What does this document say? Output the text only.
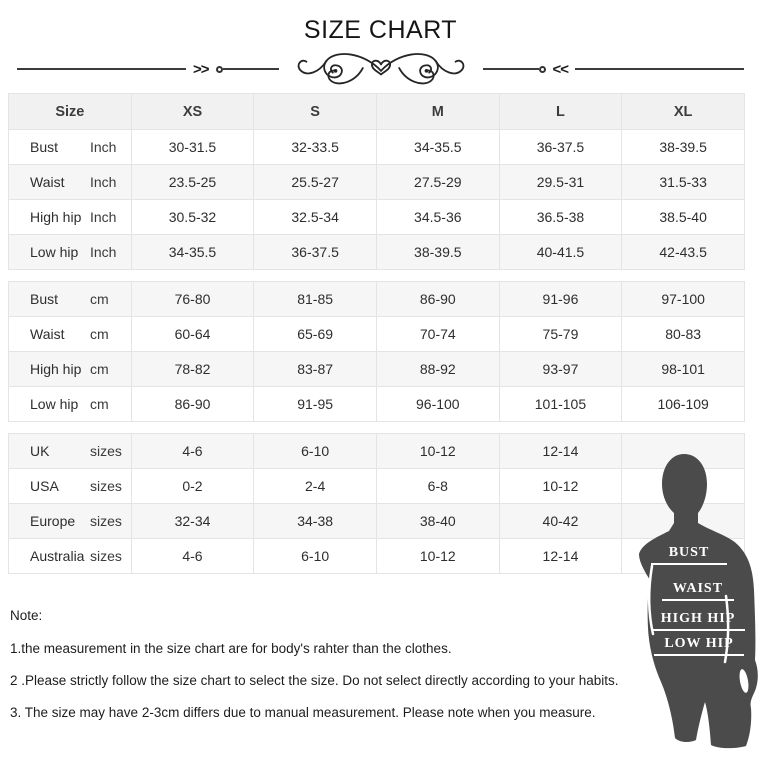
SIZE CHART
>>	<<
Size	XS	S	M	L	XL

Bust Inch	30-31.5	32-33.5	34-35.5	36-37.5	38-39.5

Waist Inch	23.5-25	25.5-27	27.5-29	29.5-31	31.5-33

High hip Inch	30.5-32	32.5-34	34.5-36	36.5-38	38.5-40

Low hip Inch	34-35.5	36-37.5	38-39.5	40-41.5	42-43.5
Bust cm	76-80	81-85	86-90	91-96	97-100

Waist cm	60-64	65-69	70-74	75-79	80-83

High hip cm	78-82	83-87	88-92	93-97	98-101

Low hip cm	86-90	91-95	96-100	101-105	106-109
UK sizes	4-6	6-10	10-12	12-14	

USA sizes	0-2	2-4	6-8	10-12	

Europe sizes	32-34	34-38	38-40	40-42	

Australia sizes	4-6	6-10	10-12	12-14		BUST
WAIST
HIGH HIP
LOW HIP
Note:
1.the measurement in the size chart are for body's rahter than the clothes.
2 .Please strictly follow the size chart to select the size. Do not select directly according to your habits.
3. The size may have 2-3cm differs due to manual measurement. Please note when you measure.
